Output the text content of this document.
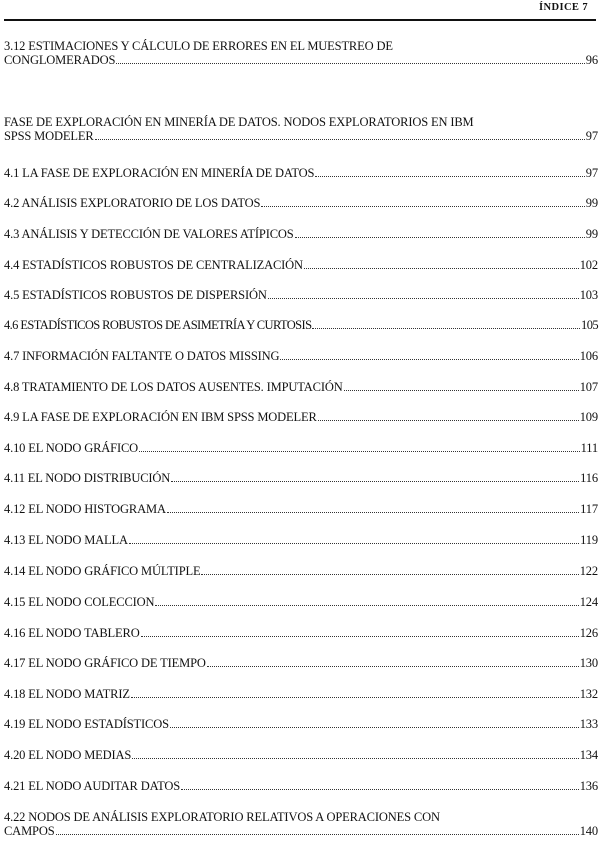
ÍNDICE 7
3.12 ESTIMACIONES Y CÁLCULO DE ERRORES EN EL MUESTREO DE
CONGLOMERADOS	96
FASE DE EXPLORACIÓN EN MINERÍA DE DATOS. NODOS EXPLORATORIOS EN IBM
SPSS MODELER	97
4.1 LA FASE DE EXPLORACIÓN EN MINERÍA DE DATOS	97
4.2 ANÁLISIS EXPLORATORIO DE LOS DATOS	99
4.3 ANÁLISIS Y DETECCIÓN DE VALORES ATÍPICOS	99
4.4 ESTADÍSTICOS ROBUSTOS DE CENTRALIZACIÓN	102
4.5 ESTADÍSTICOS ROBUSTOS DE DISPERSIÓN	103
4.6 ESTADÍSTICOS ROBUSTOS DE ASIMETRÍA Y CURTOSIS	105
4.7 INFORMACIÓN FALTANTE O DATOS MISSING	106
4.8 TRATAMIENTO DE LOS DATOS AUSENTES. IMPUTACIÓN	107
4.9 LA FASE DE EXPLORACIÓN EN IBM SPSS MODELER	109
4.10 EL NODO GRÁFICO	111
4.11 EL NODO DISTRIBUCIÓN	116
4.12 EL NODO HISTOGRAMA	117
4.13 EL NODO MALLA	119
4.14 EL NODO GRÁFICO MÚLTIPLE	122
4.15 EL NODO COLECCION	124
4.16 EL NODO TABLERO	126
4.17 EL NODO GRÁFICO DE TIEMPO	130
4.18 EL NODO MATRIZ	132
4.19 EL NODO ESTADÍSTICOS	133
4.20 EL NODO MEDIAS	134
4.21 EL NODO AUDITAR DATOS	136
4.22 NODOS DE ANÁLISIS EXPLORATORIO RELATIVOS A OPERACIONES CON
CAMPOS	140
